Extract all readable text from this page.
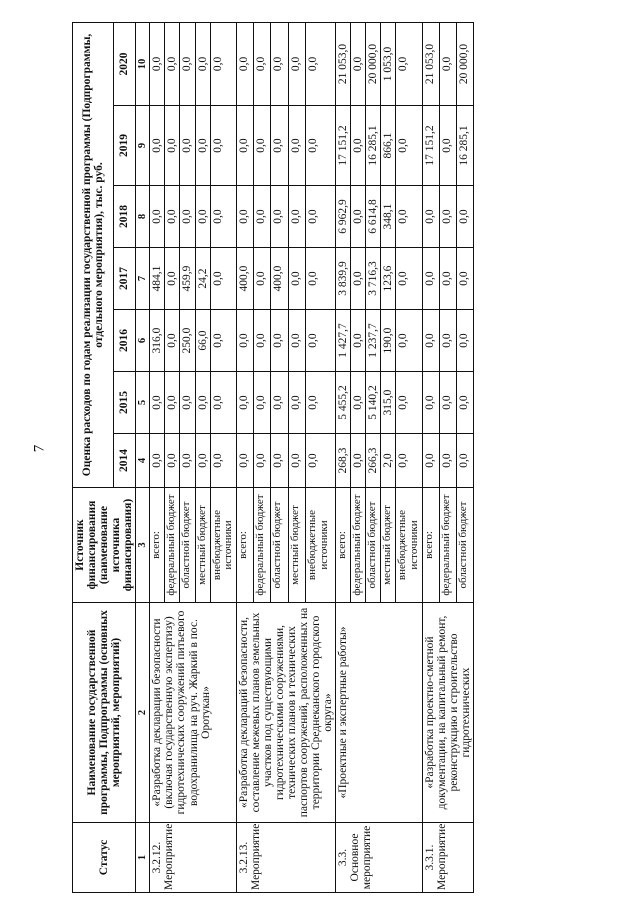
7
Статус	Наименование государственной программы, Подпрограммы (основных мероприятий, мероприятий)	Источник финансирования (наименование источника финансирования)	Оценка расходов по годам реализации государственной программы (Подпрограммы, отдельного мероприятия), тыс. руб.						
			2014	2015	2016	2017	2018	2019	2020
1	2	3	4	5	6	7	8	9	10
3.2.12. Мероприятие	«Разработка декларации безопасности (включая государственную экспертизу) гидротехнических сооружений питьевого водохранилища на руч. Жаркий в пос. Оротукан»	всего:	0,0	0,0	316,0	484,1	0,0	0,0	0,0
		федеральный бюджет	0,0	0,0	0,0	0,0	0,0	0,0	0,0
		областной бюджет	0,0	0,0	250,0	459,9	0,0	0,0	0,0
		местный бюджет	0,0	0,0	66,0	24,2	0,0	0,0	0,0
		внебюджетные источники	0,0	0,0	0,0	0,0	0,0	0,0	0,0
3.2.13. Мероприятие	«Разработка деклараций безопасности, составление межевых планов земельных участков под существующими гидротехническими сооружениями, технических планов и технических паспортов сооружений, расположенных на территории Среднеканского городского округа»	всего:	0,0	0,0	0,0	400,0	0,0	0,0	0,0
		федеральный бюджет	0,0	0,0	0,0	0,0	0,0	0,0	0,0
		областной бюджет	0,0	0,0	0,0	400,0	0,0	0,0	0,0
		местный бюджет	0,0	0,0	0,0	0,0	0,0	0,0	0,0
		внебюджетные источники	0,0	0,0	0,0	0,0	0,0	0,0	0,0
3.3. Основное мероприятие	«Проектные и экспертные работы»	всего:	268,3	5 455,2	1 427,7	3 839,9	6 962,9	17 151,2	21 053,0
		федеральный бюджет	0,0	0,0	0,0	0,0	0,0	0,0	0,0
		областной бюджет	266,3	5 140,2	1 237,7	3 716,3	6 614,8	16 285,1	20 000,0
		местный бюджет	2,0	315,0	190,0	123,6	348,1	866,1	1 053,0
		внебюджетные источники	0,0	0,0	0,0	0,0	0,0	0,0	0,0
3.3.1. Мероприятие	«Разработка проектно-сметной документации, на капитальный ремонт, реконструкцию и строительство гидротехнических	всего:	0,0	0,0	0,0	0,0	0,0	17 151,2	21 053,0
		федеральный бюджет	0,0	0,0	0,0	0,0	0,0	0,0	0,0
		областной бюджет	0,0	0,0	0,0	0,0	0,0	16 285,1	20 000,0
